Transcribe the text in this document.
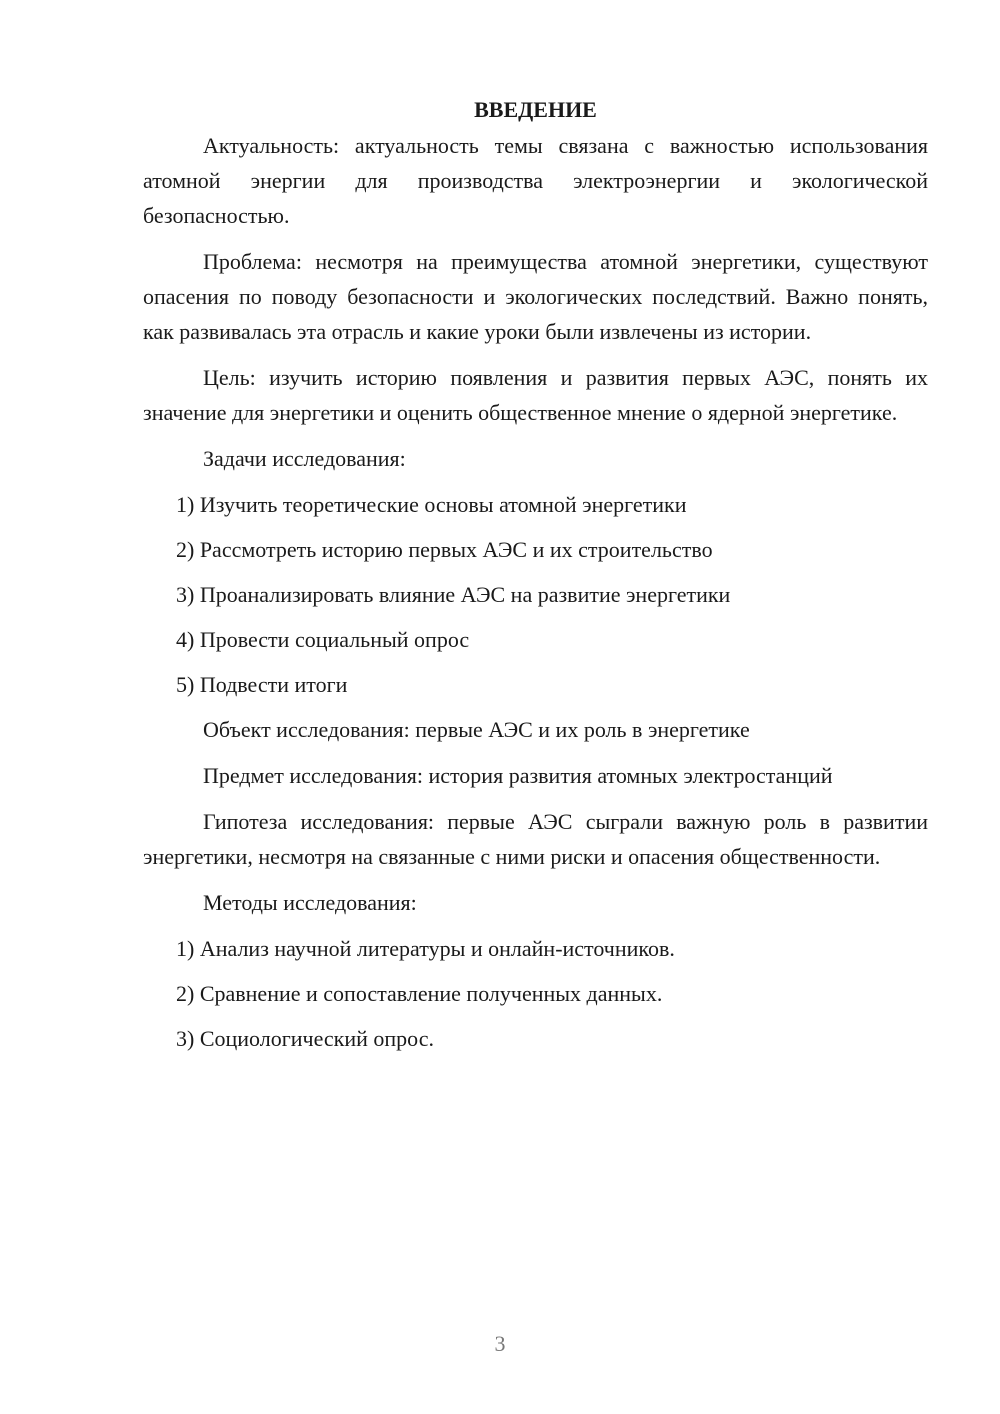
ВВЕДЕНИЕ
Актуальность: актуальность темы связана с важностью использования атомной энергии для производства электроэнергии и экологической безопасностью.
Проблема: несмотря на преимущества атомной энергетики, существуют опасения по поводу безопасности и экологических последствий. Важно понять, как развивалась эта отрасль и какие уроки были извлечены из истории.
Цель: изучить историю появления и развития первых АЭС, понять их значение для энергетики и оценить общественное мнение о ядерной энергетике.
Задачи исследования:
1) Изучить теоретические основы атомной энергетики
2) Рассмотреть историю первых АЭС и их строительство
3) Проанализировать влияние АЭС на развитие энергетики
4) Провести социальный опрос
5) Подвести итоги
Объект исследования: первые АЭС и их роль в энергетике
Предмет исследования: история развития атомных электростанций
Гипотеза исследования: первые АЭС сыграли важную роль в развитии энергетики, несмотря на связанные с ними риски и опасения общественности.
Методы исследования:
1) Анализ научной литературы и онлайн-источников.
2) Сравнение и сопоставление полученных данных.
3) Социологический опрос.
3
